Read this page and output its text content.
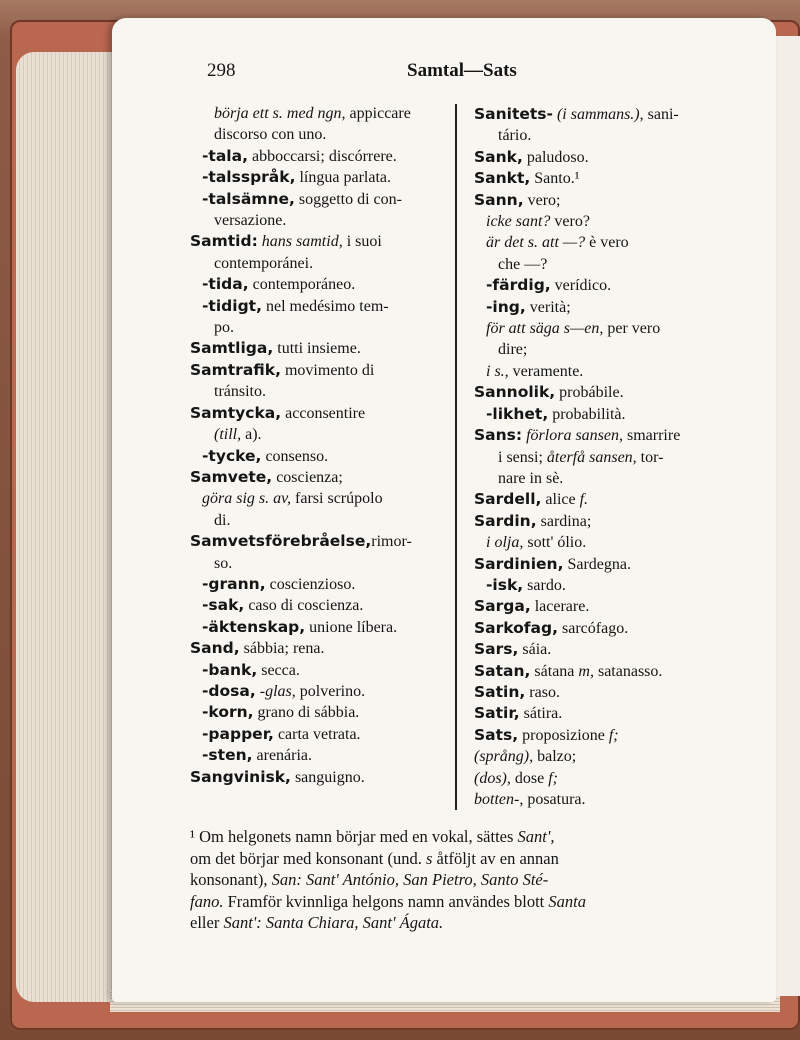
298	Samtal—Sats
börja ett s. med ngn, appiccare
discorso con uno.
-tala, abboccarsi; discórrere.
-talsspråk, língua parlata.
-talsämne, soggetto di con-
versazione.
Samtid: hans samtid, i suoi
contemporánei.
-tida, contemporáneo.
-tidigt, nel medésimo tem-
po.
Samtliga, tutti insieme.
Samtrafik, movimento di
tránsito.
Samtycka, acconsentire
(till, a).
-tycke, consenso.
Samvete, coscienza;
göra sig s. av, farsi scrúpolo
di.
Samvetsförebråelse,rimor-
so.
-grann, coscienzioso.
-sak, caso di coscienza.
-äktenskap, unione líbera.
Sand, sábbia; rena.
-bank, secca.
-dosa, -glas, polverino.
-korn, grano di sábbia.
-papper, carta vetrata.
-sten, arenária.
Sangvinisk, sanguigno.
Sanitets- (i sammans.), sani-
tário.
Sank, paludoso.
Sankt, Santo.¹
Sann, vero;
icke sant? vero?
är det s. att —? è vero
che —?
-färdig, verídico.
-ing, verità;
för att säga s—en, per vero
dire;
i s., veramente.
Sannolik, probábile.
-likhet, probabilità.
Sans: förlora sansen, smarrire
i sensi; återfå sansen, tor-
nare in sè.
Sardell, alice f.
Sardin, sardina;
i olja, sott' ólio.
Sardinien, Sardegna.
-isk, sardo.
Sarga, lacerare.
Sarkofag, sarcófago.
Sars, sáia.
Satan, sátana m, satanasso.
Satin, raso.
Satir, sátira.
Sats, proposizione f;
(språng), balzo;
(dos), dose f;
botten-, posatura.
¹ Om helgonets namn börjar med en vokal, sättes Sant',
om det börjar med konsonant (und. s åtföljt av en annan
konsonant), San: Sant' António, San Pietro, Santo Sté-
fano. Framför kvinnliga helgons namn användes blott Santa
eller Sant': Santa Chiara, Sant' Ágata.
